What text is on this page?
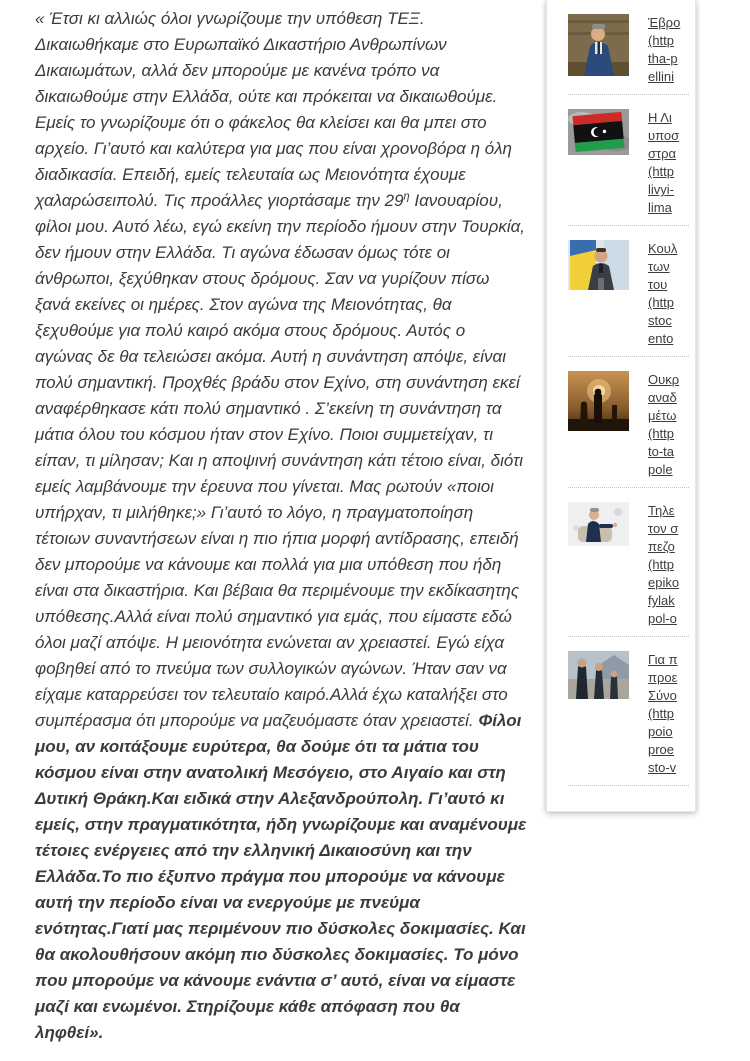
« Έτσι κι αλλιώς όλοι γνωρίζουμε την υπόθεση ΤΕΞ. Δικαιωθήκαμε στο Ευρωπαϊκό Δικαστήριο Ανθρωπίνων Δικαιωμάτων, αλλά δεν μπορούμε με κανένα τρόπο να δικαιωθούμε στην Ελλάδα, ούτε και πρόκειται να δικαιωθούμε. Εμείς το γνωρίζουμε ότι ο φάκελος θα κλείσει και θα μπει στο αρχείο. Γι’αυτό και καλύτερα για μας που είναι χρονοβόρα η όλη διαδικασία. Επειδή, εμείς τελευταία ως Μειονότητα έχουμε χαλαρώσειπολύ. Τις προάλλες γιορτάσαμε την $29^\eta$ Ιανουαρίου, φίλοι μου. Αυτό λέω, εγώ εκείνη την περίοδο ήμουν στην Τουρκία, δεν ήμουν στην Ελλάδα. Τι αγώνα έδωσαν όμως τότε οι άνθρωποι, ξεχύθηκαν στους δρόμους. Σαν να γυρίζουν πίσω ξανά εκείνες οι ημέρες. Στον αγώνα της Μειονότητας, θα ξεχυθούμε για πολύ καιρό ακόμα στους δρόμους. Αυτός ο αγώνας δε θα τελειώσει ακόμα. Αυτή η συνάντηση απόψε, είναι πολύ σημαντική. Προχθές βράδυ στον Εχίνο, στη συνάντηση εκεί αναφέρθηκασε κάτι πολύ σημαντικό . Σ’εκείνη τη συνάντηση τα μάτια όλου του κόσμου ήταν στον Εχίνο. Ποιοι συμμετείχαν, τι είπαν, τι μίλησαν; Και η αποψινή συνάντηση κάτι τέτοιο είναι, διότι εμείς λαμβάνουμε την έρευνα που γίνεται. Μας ρωτούν «ποιοι υπήρχαν, τι μιλήθηκε;» Γι’αυτό το λόγο, η πραγματοποίηση τέτοιων συναντήσεων είναι η πιο ήπια μορφή αντίδρασης, επειδή δεν μπορούμε να κάνουμε και πολλά για μια υπόθεση που ήδη είναι στα δικαστήρια. Και βέβαια θα περιμένουμε την εκδίκασητης υπόθεσης.Αλλά είναι πολύ σημαντικό για εμάς, που είμαστε εδώ όλοι μαζί απόψε. Η μειονότητα ενώνεται αν χρειαστεί. Εγώ είχα φοβηθεί από το πνεύμα των συλλογικών αγώνων. Ήταν σαν να είχαμε καταρρεύσει τον τελευταίο καιρό.Αλλά έχω καταλήξει στο συμπέρασμα ότι μπορούμε να μαζευόμαστε όταν χρειαστεί. Φίλοι μου, αν κοιτάξουμε ευρύτερα, θα δούμε ότι τα μάτια του κόσμου είναι στην ανατολική Μεσόγειο, στο Αιγαίο και στη Δυτική Θράκη.Και ειδικά στην Αλεξανδρούπολη. Γι’αυτό κι εμείς, στην πραγματικότητα, ήδη γνωρίζουμε και αναμένουμε τέτοιες ενέργειες από την ελληνική Δικαιοσύνη και την Ελλάδα.Το πιο έξυπνο πράγμα που μπορούμε να κάνουμε αυτή την περίοδο είναι να ενεργούμε με πνεύμα ενότητας.Γιατί μας περιμένουν πιο δύσκολες δοκιμασίες. Και θα ακολουθήσουν ακόμη πιο δύσκολες δοκιμασίες. Το μόνο που μπορούμε να κάνουμε ενάντια σ’ αυτό, είναι να είμαστε μαζί και ενωμένοι. Στηρίζουμε κάθε απόφαση που θα ληφθεί».
Έβρο
(http
tha-p
ellini
Η Λι
υποσ
στρα
(http
livyi-
lima
Κουλ
των
του
(http
stoc
ento
Ουκρ
αναδ
μέτω
(http
to-ta
pole
Τηλε
τον σ
πεζο
(http
epiko
fylak
pol-o
Για π
προε
Σύνο
(http
poio
proe
sto-v
